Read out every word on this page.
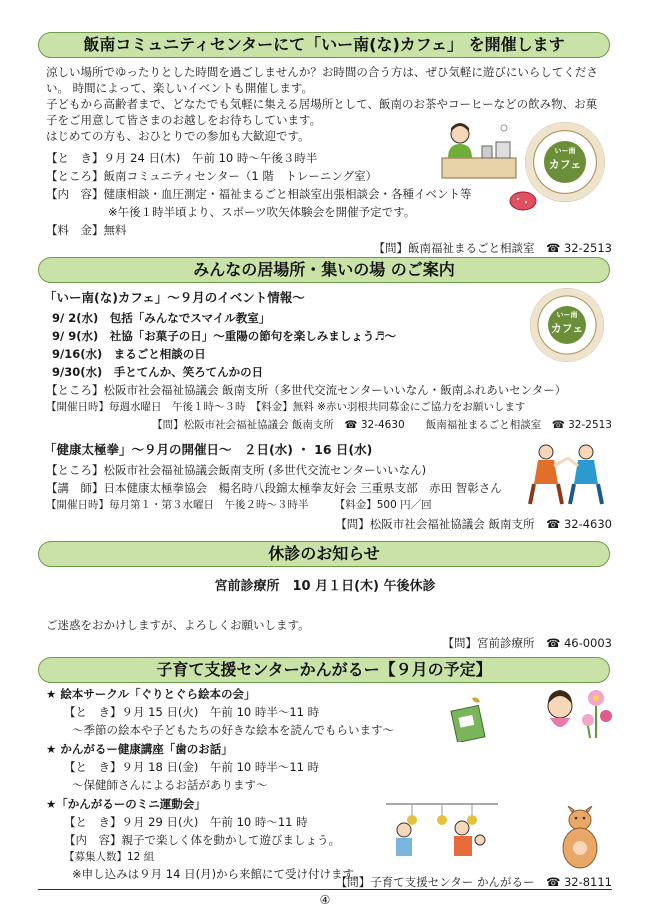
飯南コミュニティセンターにて「いー南(な)カフェ」 を開催します
涼しい場所でゆったりとした時間を過ごしませんか？お時間の合う方は、ぜひ気軽に遊びにいらしてくださ
い。 時間によって、楽しいイベントも開催します。
子どもから高齢者まで、どなたでも気軽に集える居場所として、飯南のお茶やコーヒーなどの飲み物、お菓
子をご用意して皆さまのお越しをお待ちしています。
はじめての方も、おひとりでの参加も大歓迎です。
【と　き】９月 24 日(木)　午前 10 時～午後３時半
【ところ】飯南コミュニティセンター（1 階　トレーニング室）
【内　容】健康相談・血圧測定・福祉まるごと相談室出張相談会・各種イベント等
※午後１時半頃より、スポーツ吹矢体験会を開催予定です。
【料　金】無料
【問】飯南福祉まるごと相談室　☎ 32-2513
いー南
カフェ
みんなの居場所・集いの場 のご案内
「いー南(な)カフェ」～９月のイベント情報～
9/ 2(水)　包括「みんなでスマイル教室」
9/ 9(水)　社協「お菓子の日」～重陽の節句を楽しみましょう♬～
9/16(水)　まるごと相談の日
9/30(水)　手とてんか、笑ろてんかの日
【ところ】松阪市社会福祉協議会 飯南支所（多世代交流センターいいなん・飯南ふれあいセンター）
【開催日時】毎週水曜日　午後１時～３時　【料金】無料 ※赤い羽根共同募金にご協力をお願いします
【問】松阪市社会福祉協議会 飯南支所　☎ 32-4630　　飯南福祉まるごと相談室　☎ 32-2513
いー南
カフェ
「健康太極拳」～９月の開催日～　２日(水) ・ 16 日(水)
【ところ】松阪市社会福祉協議会飯南支所 (多世代交流センターいいなん)
【講　師】日本健康太極拳協会　楊名時八段錦太極拳友好会 三重県支部　赤田 智彰さん
【開催日時】毎月第１・第３水曜日　午後２時～３時半　　　【料金】500 円／回
【問】松阪市社会福祉協議会 飯南支所　☎ 32-4630
休診のお知らせ
宮前診療所　10 月１日(木) 午後休診
ご迷惑をおかけしますが、よろしくお願いします。
【問】宮前診療所　☎ 46-0003
子育て支援センターかんがるー【９月の予定】
★ 絵本サークル「ぐりとぐら絵本の会」
【と　き】９月 15 日(火)　午前 10 時半～11 時
～季節の絵本や子どもたちの好きな絵本を読んでもらいます～
★ かんがるー健康講座「歯のお話」
【と　き】９月 18 日(金)　午前 10 時半～11 時
～保健師さんによるお話があります～
★「かんがるーのミニ運動会」
【と　き】９月 29 日(火)　午前 10 時～11 時
【内　容】親子で楽しく体を動かして遊びましょう。
【募集人数】12 組
※申し込みは９月 14 日(月)から来館にて受け付けます。
【問】子育て支援センター かんがるー　☎ 32-8111
④
